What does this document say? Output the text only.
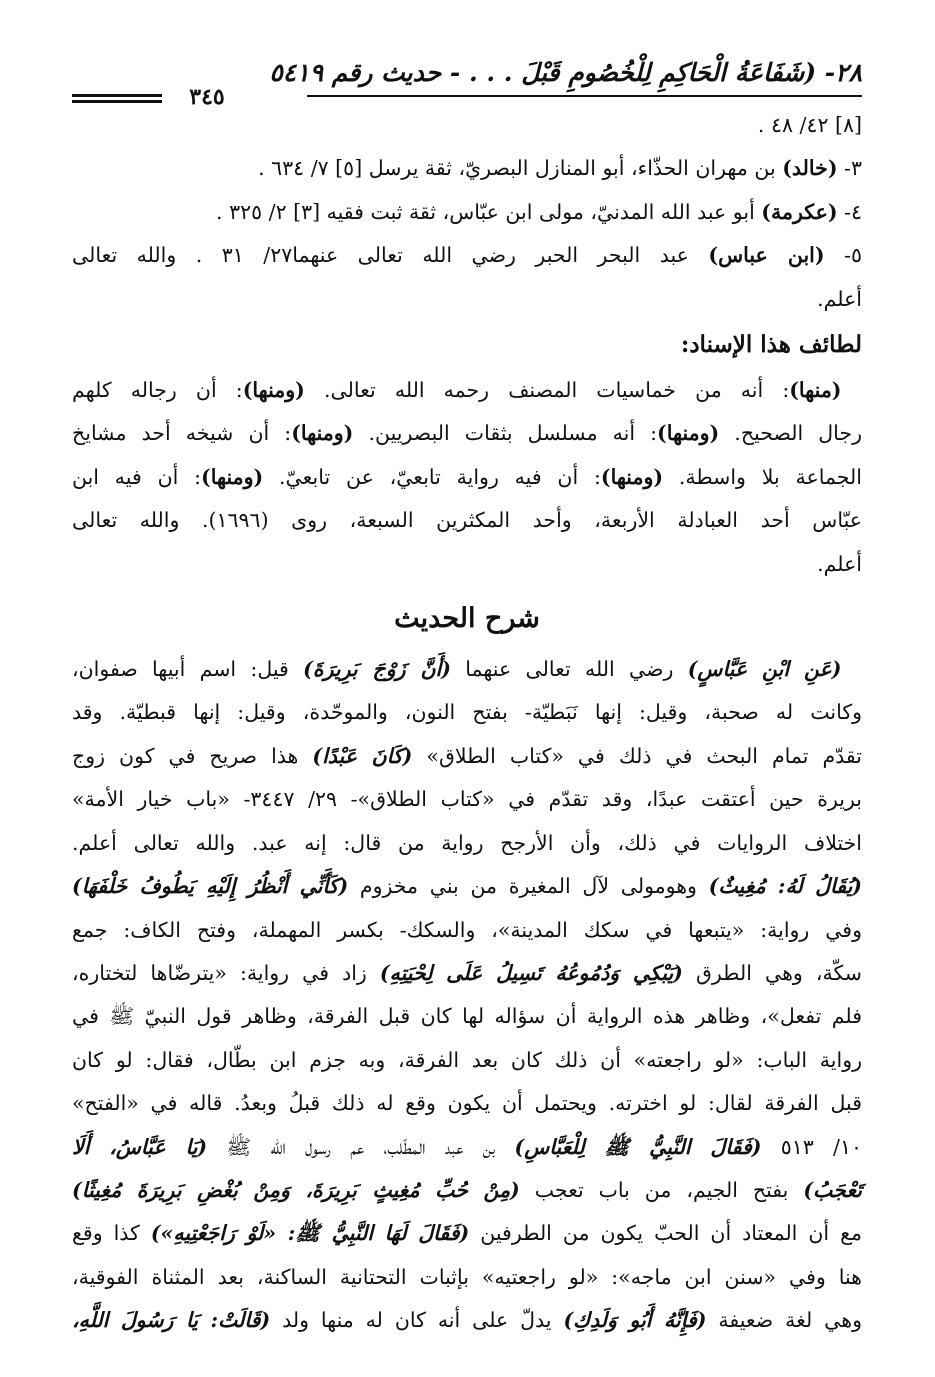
٢٨- (شَفَاعَةُ الْحَاكِمِ لِلْخُصُومِ قَبْلَ . . . - حديث رقم ٥٤١٩
٣٤٥
[٨] ٤٢/ ٤٨ .
٣- (خالد) بن مهران الحذّاء، أبو المنازل البصريّ، ثقة يرسل [٥] ٧/ ٦٣٤ .
٤- (عكرمة) أبو عبد الله المدنيّ، مولى ابن عبّاس، ثقة ثبت فقيه [٣] ٢/ ٣٢٥ .
٥- (ابن عباس) عبد البحر الحبر رضي الله تعالى عنهما٢٧/ ٣١ . والله تعالى
أعلم.
لطائف هذا الإسناد:
 (منها): أنه من خماسيات المصنف رحمه الله تعالى. (ومنها): أن رجاله كلهم
رجال الصحيح. (ومنها): أنه مسلسل بثقات البصريين. (ومنها): أن شيخه أحد مشايخ
الجماعة بلا واسطة. (ومنها): أن فيه رواية تابعيّ، عن تابعيّ. (ومنها): أن فيه ابن
عبّاس أحد العبادلة الأربعة، وأحد المكثرين السبعة، روى (١٦٩٦). والله تعالى
أعلم.
شرح الحديث
 (عَنِ ابْنِ عَبَّاسٍ) رضي الله تعالى عنهما (أَنَّ زَوْجَ بَرِيرَةَ) قيل: اسم أبيها صفوان،
وكانت له صحبة، وقيل: إنها نَبَطيّة- بفتح النون، والموحّدة، وقيل: إنها قبطيّة. وقد
تقدّم تمام البحث في ذلك في «كتاب الطلاق» (كَانَ عَبْدًا) هذا صريح في كون زوج
بريرة حين أعتقت عبدًا، وقد تقدّم في «كتاب الطلاق»- ٢٩/ ٣٤٤٧- «باب خيار الأمة»
اختلاف الروايات في ذلك، وأن الأرجح رواية من قال: إنه عبد. والله تعالى أعلم.
(يُقَالُ لَهُ: مُغِيثٌ) وهومولى لآل المغيرة من بني مخزوم (كَأَنِّي أَنْظُرُ إِلَيْهِ يَطُوفُ خَلْفَهَا)
وفي رواية: «يتبعها في سكك المدينة»، والسكك- بكسر المهملة، وفتح الكاف: جمع
سكّة، وهي الطرق (يَبْكِي وَدُمُوعُهُ تَسِيلُ عَلَى لِحْيَتِهِ) زاد في رواية: «يترضّاها لتختاره،
فلم تفعل»، وظاهر هذه الرواية أن سؤاله لها كان قبل الفرقة، وظاهر قول النبيّ ﷺ في
رواية الباب: «لو راجعته» أن ذلك كان بعد الفرقة، وبه جزم ابن بطّال، فقال: لو كان
قبل الفرقة لقال: لو اخترته. ويحتمل أن يكون وقع له ذلك قبلُ وبعدُ. قاله في «الفتح»
١٠/ ٥١٣ (فَقَالَ النَّبِيُّ ﷺ لِلْعَبَّاسِ) بن عبد المطّلب، عم رسول الله ﷺ (يَا عَبَّاسُ، أَلَا
تَعْجَبُ) بفتح الجيم، من باب تعجب (مِنْ حُبِّ مُغِيثٍ بَرِيرَةَ، وَمِنْ بُغْضِ بَرِيرَةَ مُغِيثًا)
مع أن المعتاد أن الحبّ يكون من الطرفين (فَقَالَ لَهَا النَّبِيُّ ﷺ: «لَوْ رَاجَعْتِيهِ») كذا وقع
هنا وفي «سنن ابن ماجه»: «لو راجعتيه» بإثبات التحتانية الساكنة، بعد المثناة الفوقية،
وهي لغة ضعيفة (فَإِنَّهُ أَبُو وَلَدِكِ) يدلّ على أنه كان له منها ولد (قَالَتْ: يَا رَسُولَ اللَّهِ،
